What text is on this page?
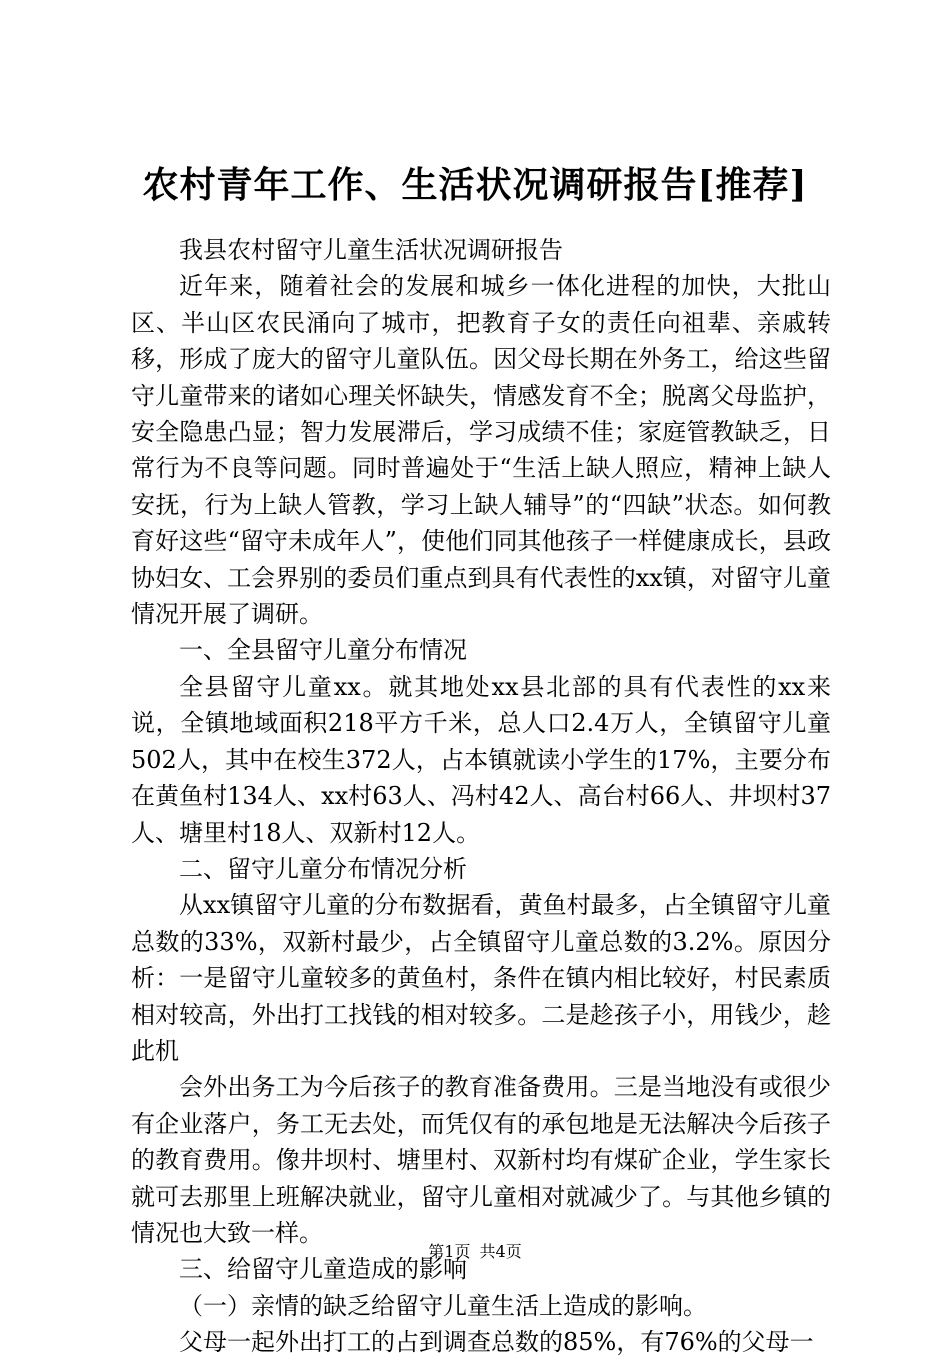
农村青年工作、生活状况调研报告[推荐]

我县农村留守儿童生活状况调研报告

近年来，随着社会的发展和城乡一体化进程的加快，大批山区、半山区农民涌向了城市，把教育子女的责任向祖辈、亲戚转移，形成了庞大的留守儿童队伍。因父母长期在外务工，给这些留守儿童带来的诸如心理关怀缺失，情感发育不全；脱离父母监护，安全隐患凸显；智力发展滞后，学习成绩不佳；家庭管教缺乏，日常行为不良等问题。同时普遍处于“生活上缺人照应，精神上缺人安抚，行为上缺人管教，学习上缺人辅导”的“四缺”状态。如何教育好这些“留守未成年人”，使他们同其他孩子一样健康成长，县政协妇女、工会界别的委员们重点到具有代表性的xx镇，对留守儿童情况开展了调研。

一、全县留守儿童分布情况

全县留守儿童xx。就其地处xx县北部的具有代表性的xx来说，全镇地域面积218平方千米，总人口2.4万人，全镇留守儿童502人，其中在校生372人，占本镇就读小学生的17%，主要分布在黄鱼村134人、xx村63人、冯村42人、高台村66人、井坝村37人、塘里村18人、双新村12人。

二、留守儿童分布情况分析

从xx镇留守儿童的分布数据看，黄鱼村最多，占全镇留守儿童总数的33%，双新村最少，占全镇留守儿童总数的3.2%。原因分析：一是留守儿童较多的黄鱼村，条件在镇内相比较好，村民素质相对较高，外出打工找钱的相对较多。二是趁孩子小，用钱少，趁此机

会外出务工为今后孩子的教育准备费用。三是当地没有或很少有企业落户，务工无去处，而凭仅有的承包地是无法解决今后孩子的教育费用。像井坝村、塘里村、双新村均有煤矿企业，学生家长就可去那里上班解决就业，留守儿童相对就减少了。与其他乡镇的情况也大致一样。

三、给留守儿童造成的影响

（一）亲情的缺乏给留守儿童生活上造成的影响。

父母一起外出打工的占到调查总数的85%，有76%的父母一

第1页 共4页
